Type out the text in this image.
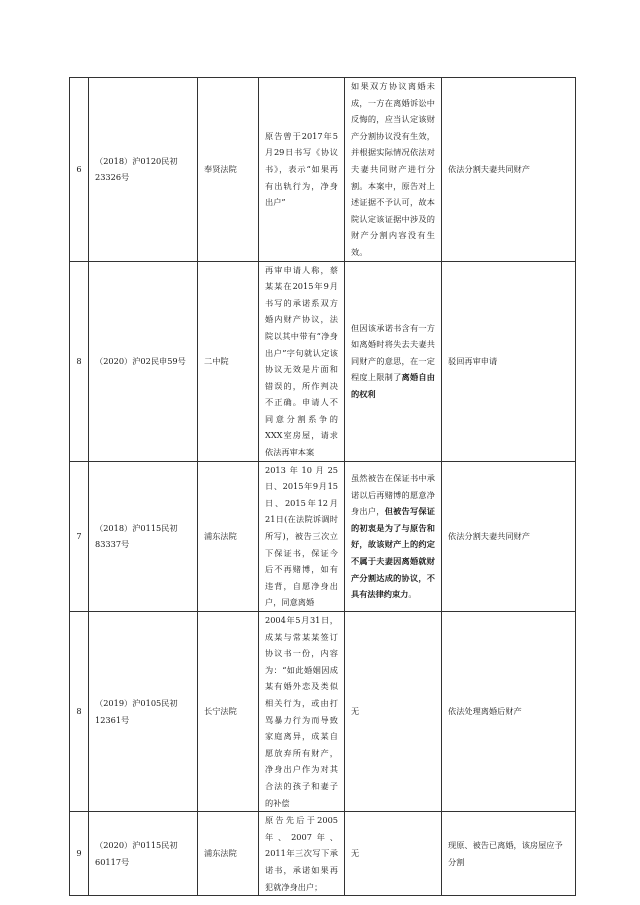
6	（2018）沪0120民初23326号	奉贤法院	原告曾于2017年5月29日书写《协议书》，表示“如果再有出轨行为，净身出户”	如果双方协议离婚未成，一方在离婚诉讼中反悔的，应当认定该财产分割协议没有生效，并根据实际情况依法对夫妻共同财产进行分割。本案中，原告对上述证据不予认可，故本院认定该证据中涉及的财产分割内容没有生效。	依法分割夫妻共同财产
8	（2020）沪02民申59号	二中院	再审申请人称，蔡某某在2015年9月书写的承诺系双方婚内财产协议，法院以其中带有“净身出户”字句就认定该协议无效是片面和错误的，所作判决不正确。申请人不同意分割系争的XXX室房屋，请求依法再审本案	但因该承诺书含有一方如离婚时将失去夫妻共同财产的意思，在一定程度上限制了离婚自由的权利	驳回再审申请
7	（2018）沪0115民初83337号	浦东法院	2013年10月25日、2015年9月15日、2015年12月21日(在法院诉调时所写)，被告三次立下保证书，保证今后不再赌博，如有违背，自愿净身出户，同意离婚	虽然被告在保证书中承诺以后再赌博的愿意净身出户，但被告写保证的初衷是为了与原告和好，故该财产上的约定不属于夫妻因离婚就财产分割达成的协议，不具有法律约束力。	依法分割夫妻共同财产
8	（2019）沪0105民初12361号	长宁法院	2004年5月31日，成某与常某某签订协议书一份，内容为：“如此婚姻因成某有婚外恋及类似相关行为，或由打骂暴力行为而导致家庭离异，成某自愿放弃所有财产，净身出户作为对其合法的孩子和妻子的补偿	无	依法处理离婚后财产
9	（2020）沪0115民初60117号	浦东法院	原告先后于2005年、2007年、2011年三次写下承诺书，承诺如果再犯就净身出户；	无	现原、被告已离婚，该房屋应予分割
